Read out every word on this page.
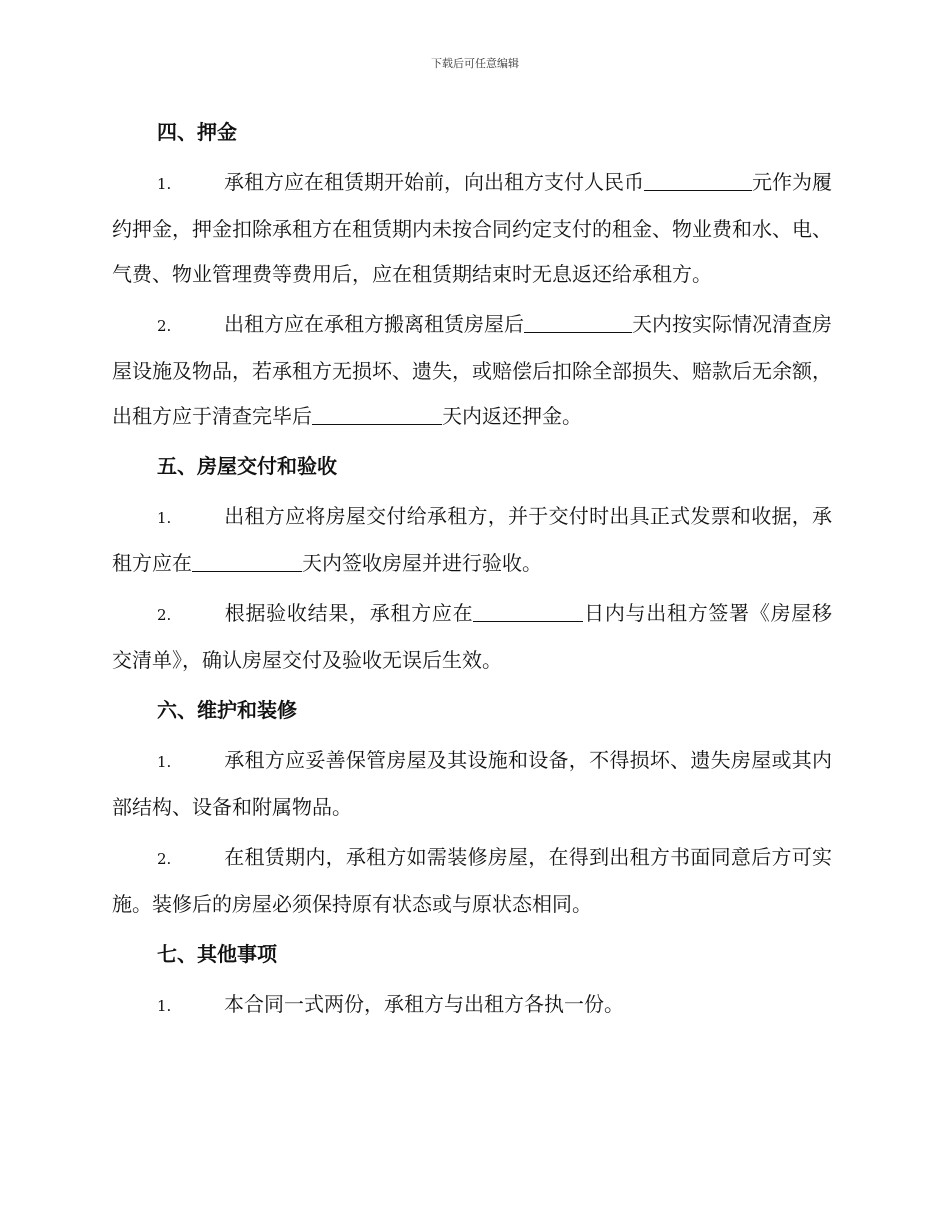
下载后可任意编辑
四、押金

1.	承租方应在租赁期开始前，向出租方支付人民币	元作为履约押金，押金扣除承租方在租赁期内未按合同约定支付的租金、物业费和水、电、气费、物业管理费等费用后，应在租赁期结束时无息返还给承租方。

2.	出租方应在承租方搬离租赁房屋后	天内按实际情况清查房屋设施及物品，若承租方无损坏、遗失，或赔偿后扣除全部损失、赔款后无余额，出租方应于清查完毕后	天内返还押金。

五、房屋交付和验收

1.	出租方应将房屋交付给承租方，并于交付时出具正式发票和收据，承租方应在	天内签收房屋并进行验收。

2.	根据验收结果，承租方应在	日内与出租方签署《房屋移交清单》，确认房屋交付及验收无误后生效。

六、维护和装修

1.	承租方应妥善保管房屋及其设施和设备，不得损坏、遗失房屋或其内部结构、设备和附属物品。

2.	在租赁期内，承租方如需装修房屋，在得到出租方书面同意后方可实施。装修后的房屋必须保持原有状态或与原状态相同。

七、其他事项

1.	本合同一式两份，承租方与出租方各执一份。
